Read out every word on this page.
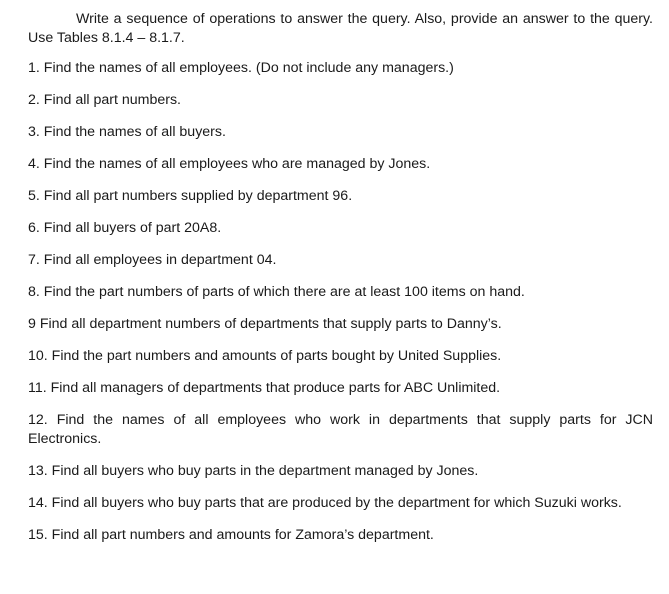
Write a sequence of operations to answer the query. Also, provide an answer to the query. Use Tables 8.1.4 – 8.1.7.

1. Find the names of all employees. (Do not include any managers.)

2. Find all part numbers.

3. Find the names of all buyers.

4. Find the names of all employees who are managed by Jones.

5. Find all part numbers supplied by department 96.

6. Find all buyers of part 20A8.

7. Find all employees in department 04.

8. Find the part numbers of parts of which there are at least 100 items on hand.

9 Find all department numbers of departments that supply parts to Danny’s.

10. Find the part numbers and amounts of parts bought by United Supplies.

11. Find all managers of departments that produce parts for ABC Unlimited.

12. Find the names of all employees who work in departments that supply parts for JCN Electronics.

13. Find all buyers who buy parts in the department managed by Jones.

14. Find all buyers who buy parts that are produced by the department for which Suzuki works.

15. Find all part numbers and amounts for Zamora’s department.
